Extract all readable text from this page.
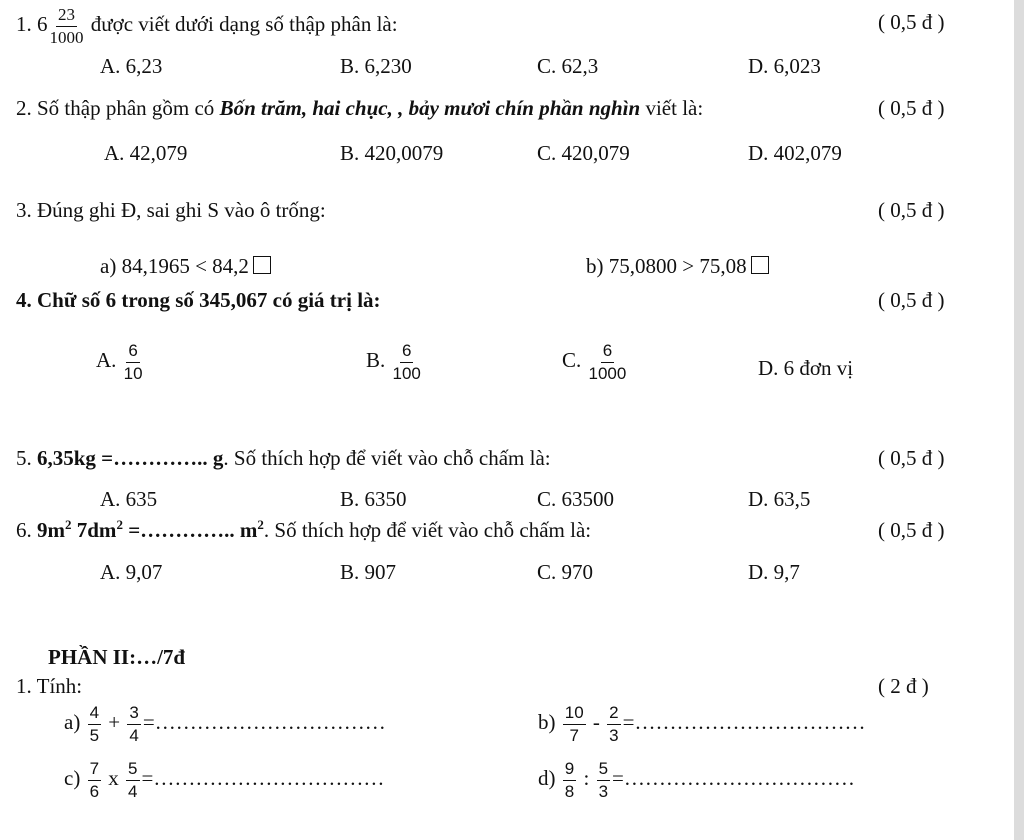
1. $6 \frac{23}{1000}$ được viết dưới dạng số thập phân là:	( 0,5 đ )
A. 6,23	B. 6,230	C. 62,3	D. 6,023
2. Số thập phân gồm có Bốn trăm, hai chục, , bảy mươi chín phần nghìn viết là:	( 0,5 đ )
A. 42,079	B. 420,0079	C. 420,079	D. 402,079
3. Đúng ghi Đ, sai ghi S vào ô trống:	( 0,5 đ )
a) 84,1965 < 84,2	b) 75,0800 > 75,08
4. Chữ số 6 trong số 345,067 có giá trị là:	( 0,5 đ )
A. $\frac{6}{10}$	B. $\frac{6}{100}$	C. $\frac{6}{1000}$	D. 6 đơn vị
5. 6,35kg =………….. g. Số thích hợp để viết vào chỗ chấm là:	( 0,5 đ )
A. 635	B. 6350	C. 63500	D. 63,5
6. $9m^2$ $7dm^2$ =………….. $m^2$. Số thích hợp để viết vào chỗ chấm là:	( 0,5 đ )
A. 9,07	B. 907	C. 970	D. 9,7
PHẦN II:…/7đ
1. Tính:	( 2 đ )
$a) \frac{4}{5} + \frac{3}{4}$ =……………………………	$b) \frac{10}{7} - \frac{2}{3}$ =……………………………
$c) \frac{7}{6}$ x $\frac{5}{4}$ =……………………………	$d) \frac{9}{8}$ : $\frac{5}{3}$ =……………………………
